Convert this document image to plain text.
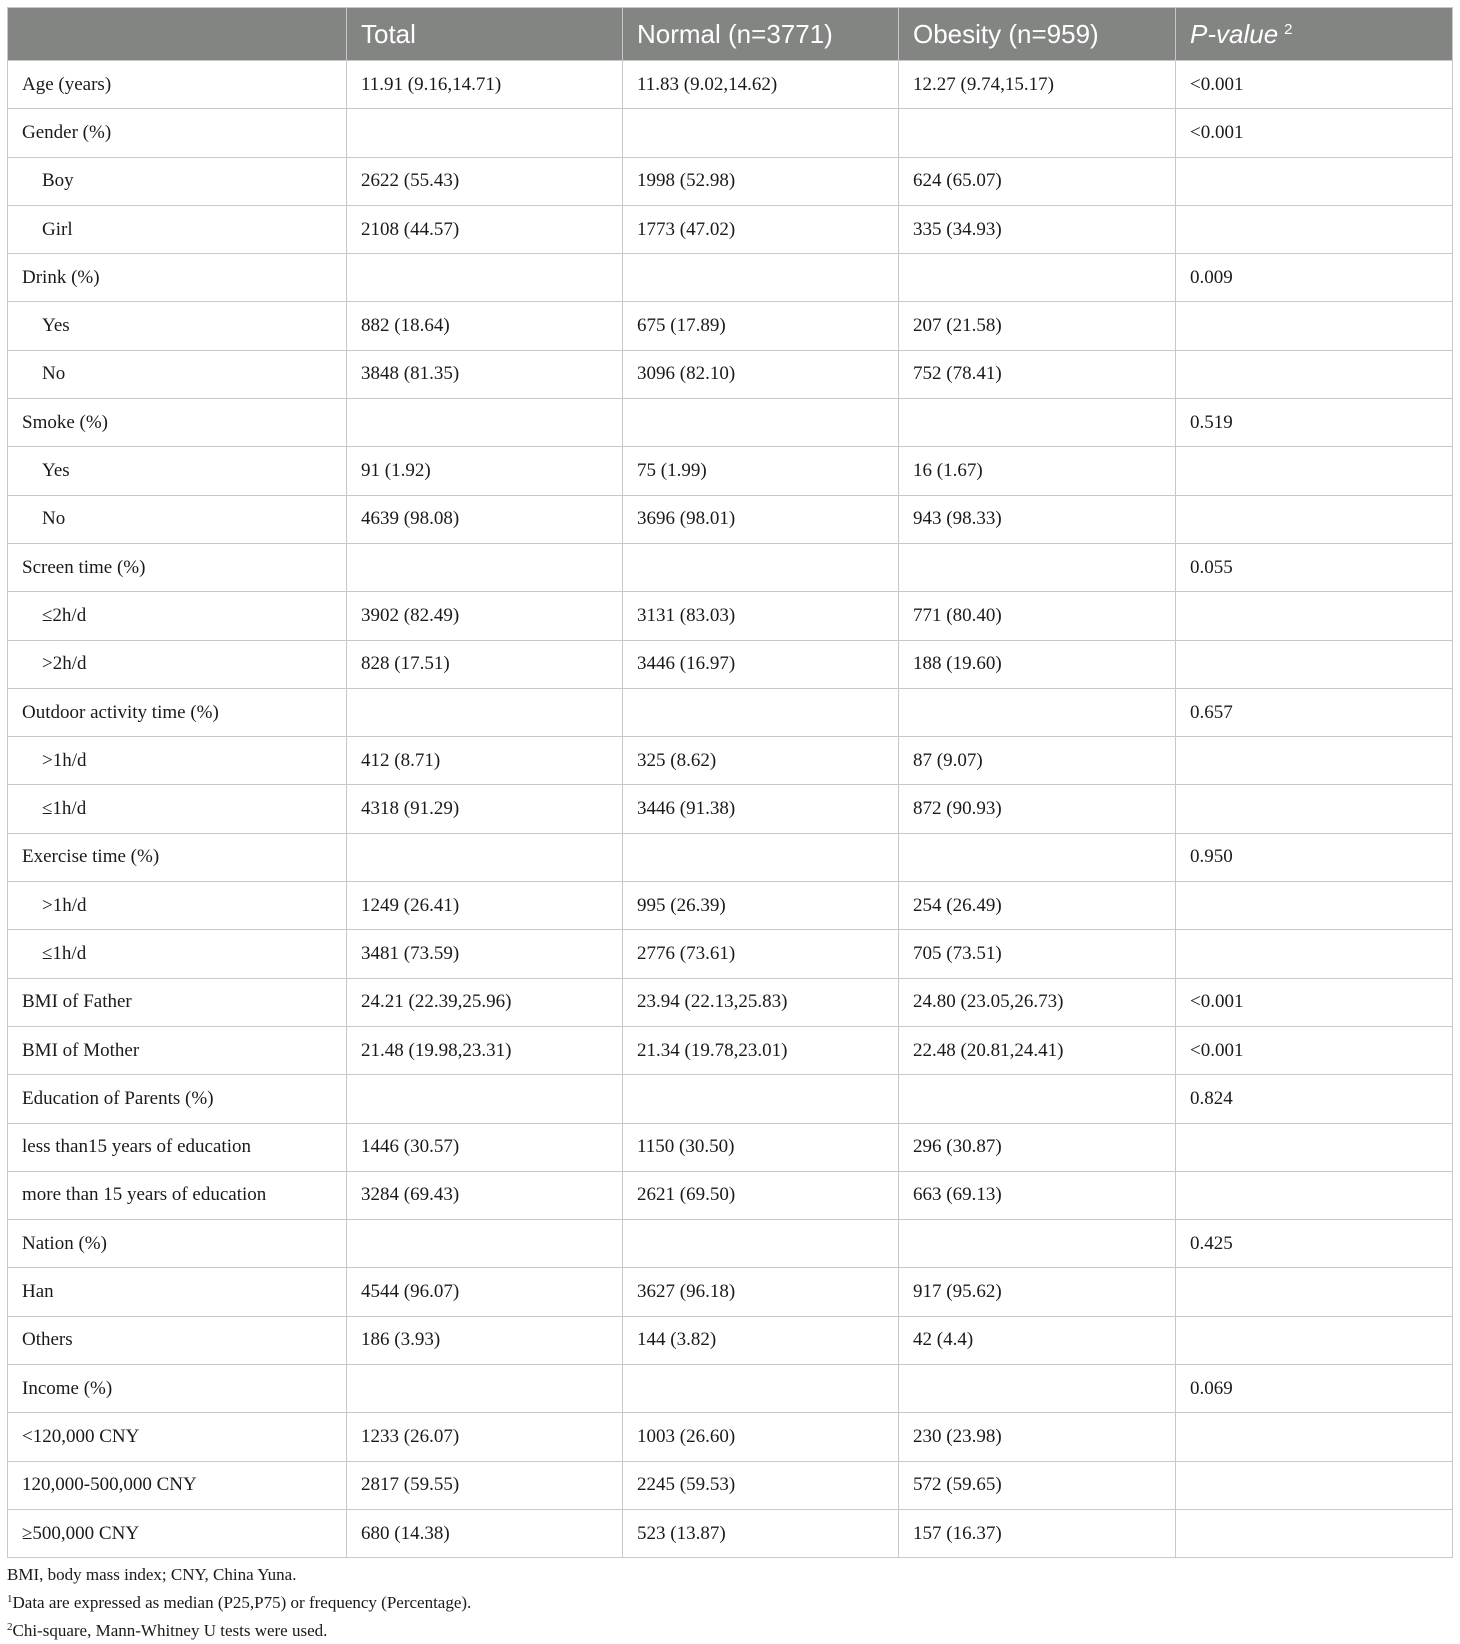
	Total	Normal (n=3771)	Obesity (n=959)	P-value $^2$
Age (years)	11.91 (9.16,14.71)	11.83 (9.02,14.62)	12.27 (9.74,15.17)	<0.001
Gender (%)				<0.001
Boy	2622 (55.43)	1998 (52.98)	624 (65.07)	
Girl	2108 (44.57)	1773 (47.02)	335 (34.93)	
Drink (%)				0.009
Yes	882 (18.64)	675 (17.89)	207 (21.58)	
No	3848 (81.35)	3096 (82.10)	752 (78.41)	
Smoke (%)				0.519
Yes	91 (1.92)	75 (1.99)	16 (1.67)	
No	4639 (98.08)	3696 (98.01)	943 (98.33)	
Screen time (%)				0.055
≤2h/d	3902 (82.49)	3131 (83.03)	771 (80.40)	
>2h/d	828 (17.51)	3446 (16.97)	188 (19.60)	
Outdoor activity time (%)				0.657
>1h/d	412 (8.71)	325 (8.62)	87 (9.07)	
≤1h/d	4318 (91.29)	3446 (91.38)	872 (90.93)	
Exercise time (%)				0.950
>1h/d	1249 (26.41)	995 (26.39)	254 (26.49)	
≤1h/d	3481 (73.59)	2776 (73.61)	705 (73.51)	
BMI of Father	24.21 (22.39,25.96)	23.94 (22.13,25.83)	24.80 (23.05,26.73)	<0.001
BMI of Mother	21.48 (19.98,23.31)	21.34 (19.78,23.01)	22.48 (20.81,24.41)	<0.001
Education of Parents (%)				0.824
less than15 years of education	1446 (30.57)	1150 (30.50)	296 (30.87)	
more than 15 years of education	3284 (69.43)	2621 (69.50)	663 (69.13)	
Nation (%)				0.425
Han	4544 (96.07)	3627 (96.18)	917 (95.62)	
Others	186 (3.93)	144 (3.82)	42 (4.4)	
Income (%)				0.069
<120,000 CNY	1233 (26.07)	1003 (26.60)	230 (23.98)	
120,000-500,000 CNY	2817 (59.55)	2245 (59.53)	572 (59.65)	
≥500,000 CNY	680 (14.38)	523 (13.87)	157 (16.37)	
BMI, body mass index; CNY, China Yuna.
$^1$Data are expressed as median (P25,P75) or frequency (Percentage).
$^2$Chi-square, Mann-Whitney U tests were used.
